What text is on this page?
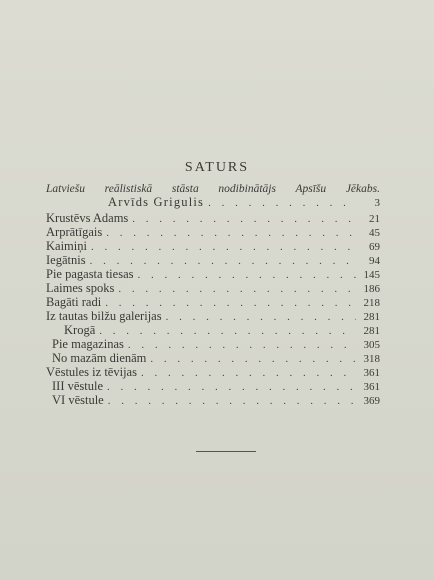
SATURS
Latviešu reālistiskā stāsta nodibinātājs Apsīšu Jēkabs.
Arvīds Grigulis . . .	3
Krustēvs Adams . . .	21
Arprātīgais . . .	45
Kaimiņi . . .	69
Iegātnis . . .	94
Pie pagasta tiesas . . .	145
Laimes spoks . . .	186
Bagāti radi . . .	218
Iz tautas bilžu galerijas . . .	281
Krogā . . .	281
Pie magazinas . . .	305
No mazām dienām . . .	318
Vēstules iz tēvijas . . .	361
III vēstule . . .	361
VI vēstule . . .	369
